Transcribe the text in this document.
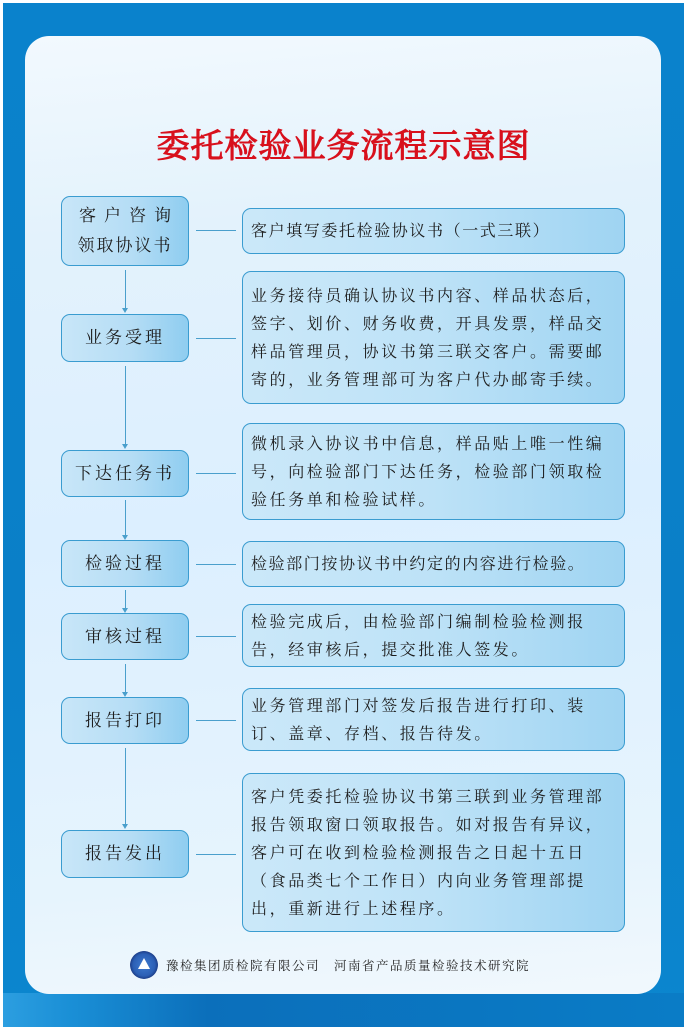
委托检验业务流程示意图
客户咨询
领取协议书
客户填写委托检验协议书（一式三联）
业务受理
业务接待员确认协议书内容、样品状态后，
签字、划价、财务收费，开具发票，样品交
样品管理员，协议书第三联交客户。需要邮
寄的，业务管理部可为客户代办邮寄手续。
下达任务书
微机录入协议书中信息，样品贴上唯一性编
号，向检验部门下达任务，检验部门领取检
验任务单和检验试样。
检验过程	检验部门按协议书中约定的内容进行检验。
审核过程
检验完成后，由检验部门编制检验检测报
告，经审核后，提交批准人签发。
报告打印
业务管理部门对签发后报告进行打印、装
订、盖章、存档、报告待发。
报告发出
客户凭委托检验协议书第三联到业务管理部
报告领取窗口领取报告。如对报告有异议，
客户可在收到检验检测报告之日起十五日
（食品类七个工作日）内向业务管理部提
出，重新进行上述程序。
豫检集团质检院有限公司 河南省产品质量检验技术研究院
